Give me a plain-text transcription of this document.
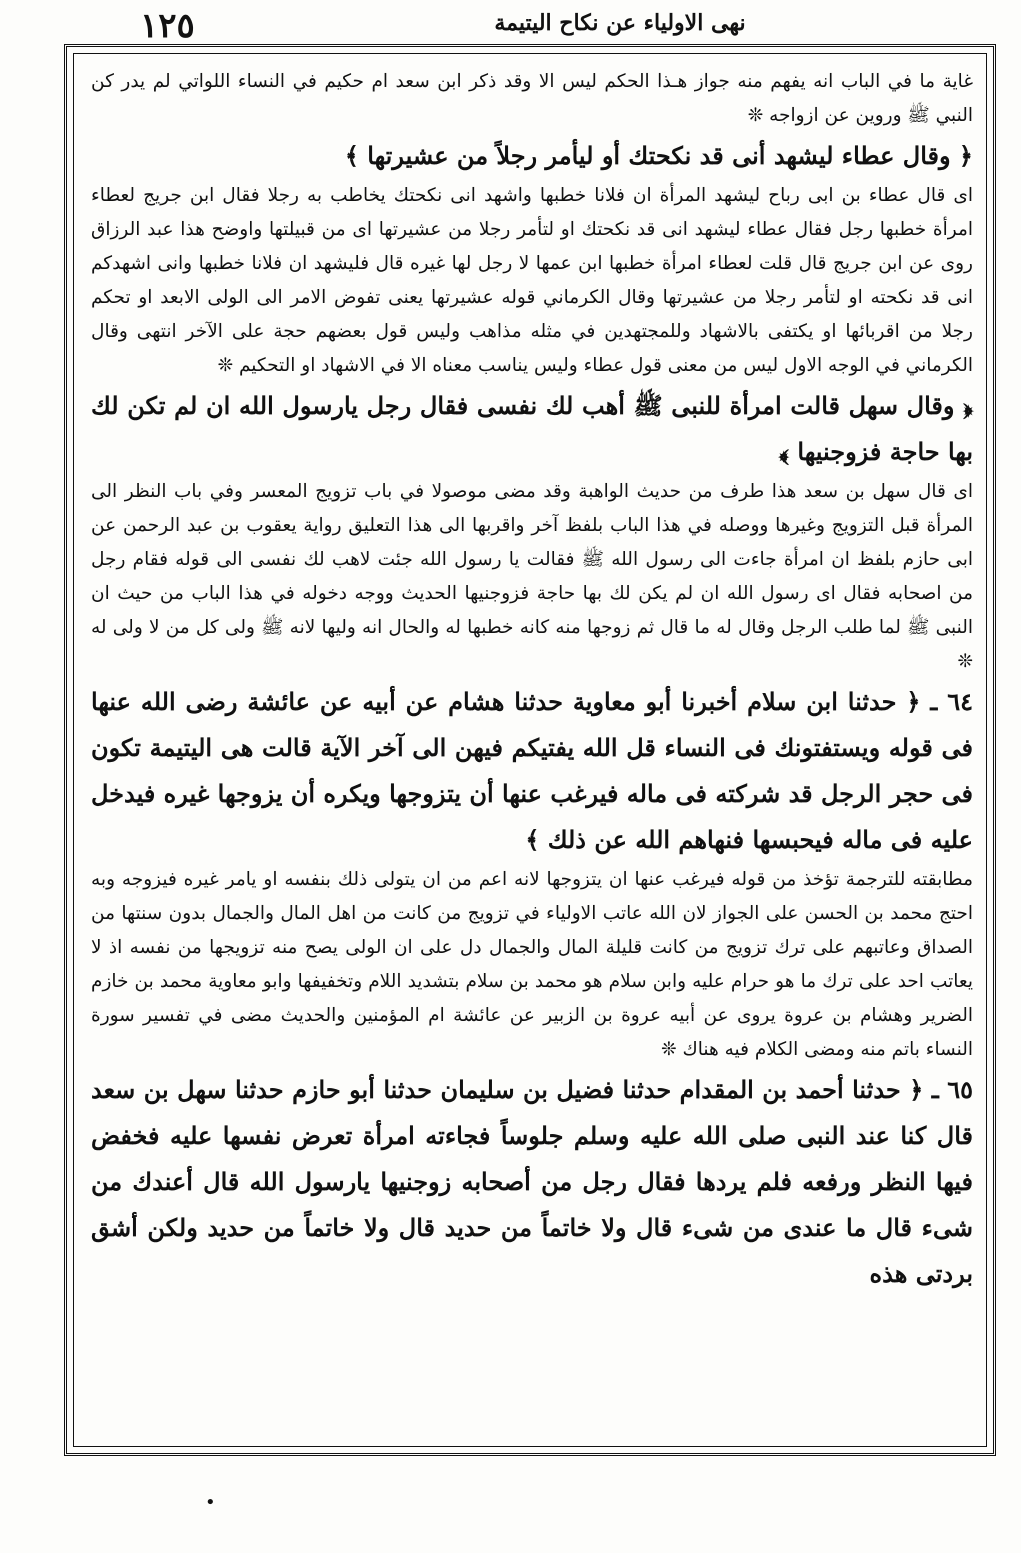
١٢٥	نهى الاولياء عن نكاح اليتيمة

غاية ما في الباب انه يفهم منه جواز هـذا الحكم ليس الا وقد ذكر ابن سعد ام حكيم في النساء اللواتي لم يدر كن النبي ﷺ وروين عن ازواجه ❊

﴿ وقال عطاء ليشهد أنى قد نكحتك أو ليأمر رجلاً من عشيرتها ﴾

اى قال عطاء بن ابى رباح ليشهد المرأة ان فلانا خطبها واشهد انى نكحتك يخاطب به رجلا فقال ابن جريج لعطاء امرأة خطبها رجل فقال عطاء ليشهد انى قد نكحتك او لتأمر رجلا من عشيرتها اى من قبيلتها واوضح هذا عبد الرزاق روى عن ابن جريج قال قلت لعطاء امرأة خطبها ابن عمها لا رجل لها غيره قال فليشهد ان فلانا خطبها وانى اشهدكم انى قد نكحته او لتأمر رجلا من عشيرتها وقال الكرماني قوله عشيرتها يعنى تفوض الامر الى الولى الابعد او تحكم رجلا من اقربائها او يكتفى بالاشهاد وللمجتهدين في مثله مذاهب وليس قول بعضهم حجة على الآخر انتهى وقال الكرماني في الوجه الاول ليس من معنى قول عطاء وليس يناسب معناه الا في الاشهاد او التحكيم ❊

﴿ وقال سهل قالت امرأة للنبى ﷺ أهب لك نفسى فقال رجل يارسول الله ان لم تكن لك بها حاجة فزوجنيها ﴾

اى قال سهل بن سعد هذا طرف من حديث الواهبة وقد مضى موصولا في باب تزويج المعسر وفي باب النظر الى المرأة قبل التزويج وغيرها ووصله في هذا الباب بلفظ آخر واقربها الى هذا التعليق رواية يعقوب بن عبد الرحمن عن ابى حازم بلفظ ان امرأة جاءت الى رسول الله ﷺ فقالت يا رسول الله جئت لاهب لك نفسى الى قوله فقام رجل من اصحابه فقال اى رسول الله ان لم يكن لك بها حاجة فزوجنيها الحديث ووجه دخوله في هذا الباب من حيث ان النبى ﷺ لما طلب الرجل وقال له ما قال ثم زوجها منه كانه خطبها له والحال انه وليها لانه ﷺ ولى كل من لا ولى له ❊

٦٤ ـ ﴿ حدثنا ابن سلام أخبرنا أبو معاوية حدثنا هشام عن أبيه عن عائشة رضى الله عنها فى قوله ويستفتونك فى النساء قل الله يفتيكم فيهن الى آخر الآية قالت هى اليتيمة تكون فى حجر الرجل قد شركته فى ماله فيرغب عنها أن يتزوجها ويكره أن يزوجها غيره فيدخل عليه فى ماله فيحبسها فنهاهم الله عن ذلك ﴾

مطابقته للترجمة تؤخذ من قوله فيرغب عنها ان يتزوجها لانه اعم من ان يتولى ذلك بنفسه او يامر غيره فيزوجه وبه احتج محمد بن الحسن على الجواز لان الله عاتب الاولياء في تزويج من كانت من اهل المال والجمال بدون سنتها من الصداق وعاتبهم على ترك تزويج من كانت قليلة المال والجمال دل على ان الولى يصح منه تزويجها من نفسه اذ لا يعاتب احد على ترك ما هو حرام عليه وابن سلام هو محمد بن سلام بتشديد اللام وتخفيفها وابو معاوية محمد بن خازم الضرير وهشام بن عروة يروى عن أبيه عروة بن الزبير عن عائشة ام المؤمنين والحديث مضى في تفسير سورة النساء باتم منه ومضى الكلام فيه هناك ❊

٦٥ ـ ﴿ حدثنا أحمد بن المقدام حدثنا فضيل بن سليمان حدثنا أبو حازم حدثنا سهل بن سعد قال كنا عند النبى صلى الله عليه وسلم جلوساً فجاءته امرأة تعرض نفسها عليه فخفض فيها النظر ورفعه فلم يردها فقال رجل من أصحابه زوجنيها يارسول الله قال أعندك من شىء قال ما عندى من شىء قال ولا خاتماً من حديد قال ولا خاتماً من حديد ولكن أشق بردتى هذه

•
